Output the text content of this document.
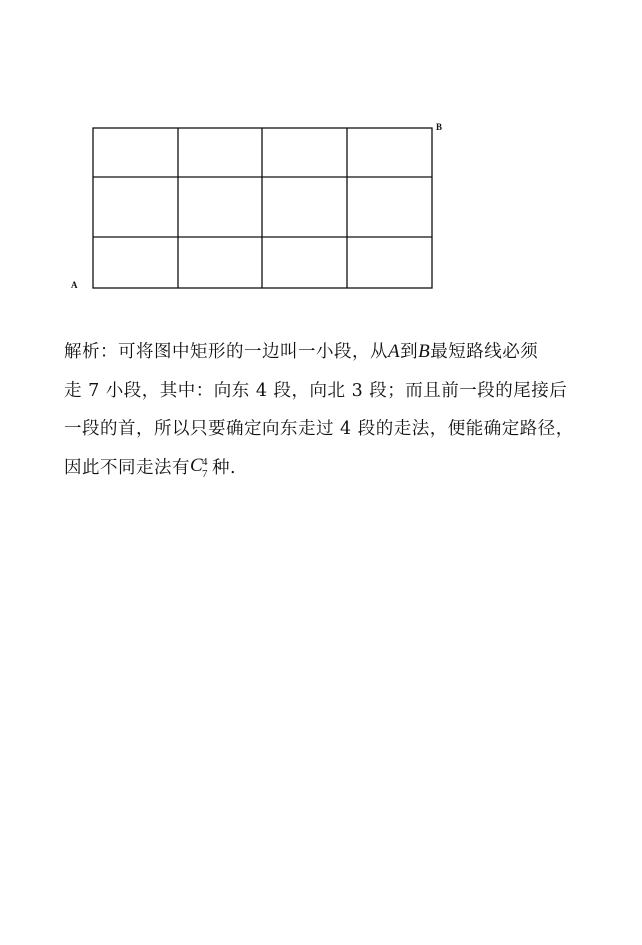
B
A
解析：可将图中矩形的一边叫一小段，从A到B最短路线必须
走 7 小段，其中：向东 4 段，向北 3 段；而且前一段的尾接后
一段的首，所以只要确定向东走过 4 段的走法，便能确定路径，
因此不同走法有 C
4
7 种.
